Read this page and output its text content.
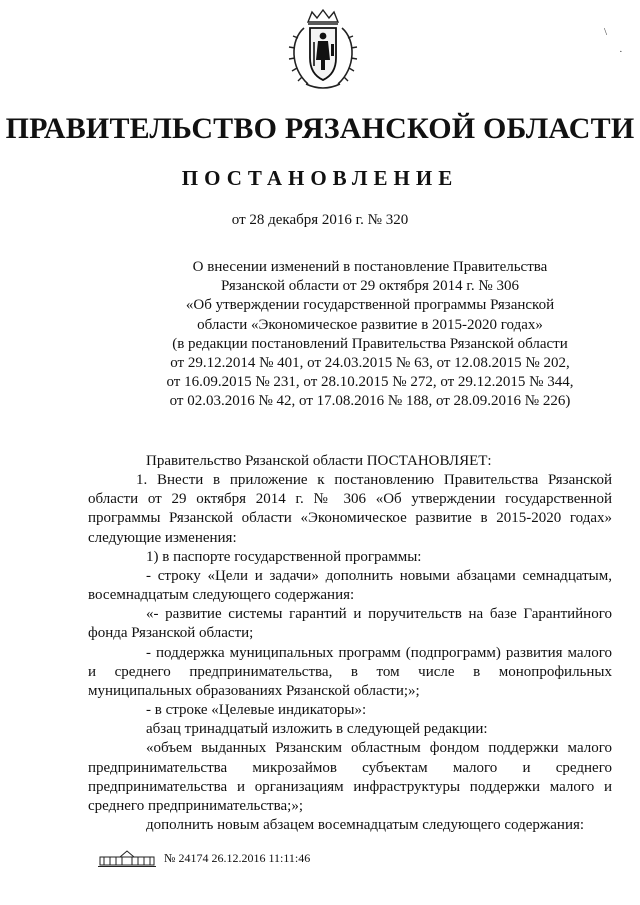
ПРАВИТЕЛЬСТВО РЯЗАНСКОЙ ОБЛАСТИ
ПОСТАНОВЛЕНИЕ
от 28 декабря 2016 г. № 320
О внесении изменений в постановление Правительства
Рязанской области от 29 октября 2014 г. № 306
«Об утверждении государственной программы Рязанской
области «Экономическое развитие в 2015-2020 годах»
(в редакции постановлений Правительства Рязанской области
от 29.12.2014 № 401, от 24.03.2015 № 63, от 12.08.2015 № 202,
от 16.09.2015 № 231, от 28.10.2015 № 272, от 29.12.2015 № 344,
от 02.03.2016 № 42, от 17.08.2016 № 188, от 28.09.2016 № 226)
Правительство Рязанской области ПОСТАНОВЛЯЕТ:
1. Внести в приложение к постановлению Правительства Рязанской области от 29 октября 2014 г. № 306 «Об утверждении государственной программы Рязанской области «Экономическое развитие в 2015-2020 годах» следующие изменения:
1) в паспорте государственной программы:
- строку «Цели и задачи» дополнить новыми абзацами семнадцатым, восемнадцатым следующего содержания:
«- развитие системы гарантий и поручительств на базе Гарантийного фонда Рязанской области;
- поддержка муниципальных программ (подпрограмм) развития малого и среднего предпринимательства, в том числе в монопрофильных муниципальных образованиях Рязанской области;»;
- в строке «Целевые индикаторы»:
абзац тринадцатый изложить в следующей редакции:
«объем выданных Рязанским областным фондом поддержки малого предпринимательства микрозаймов субъектам малого и среднего предпринимательства и организациям инфраструктуры поддержки малого и среднего предпринимательства;»;
дополнить новым абзацем восемнадцатым следующего содержания:
№ 24174 26.12.2016 11:11:46
\
·
